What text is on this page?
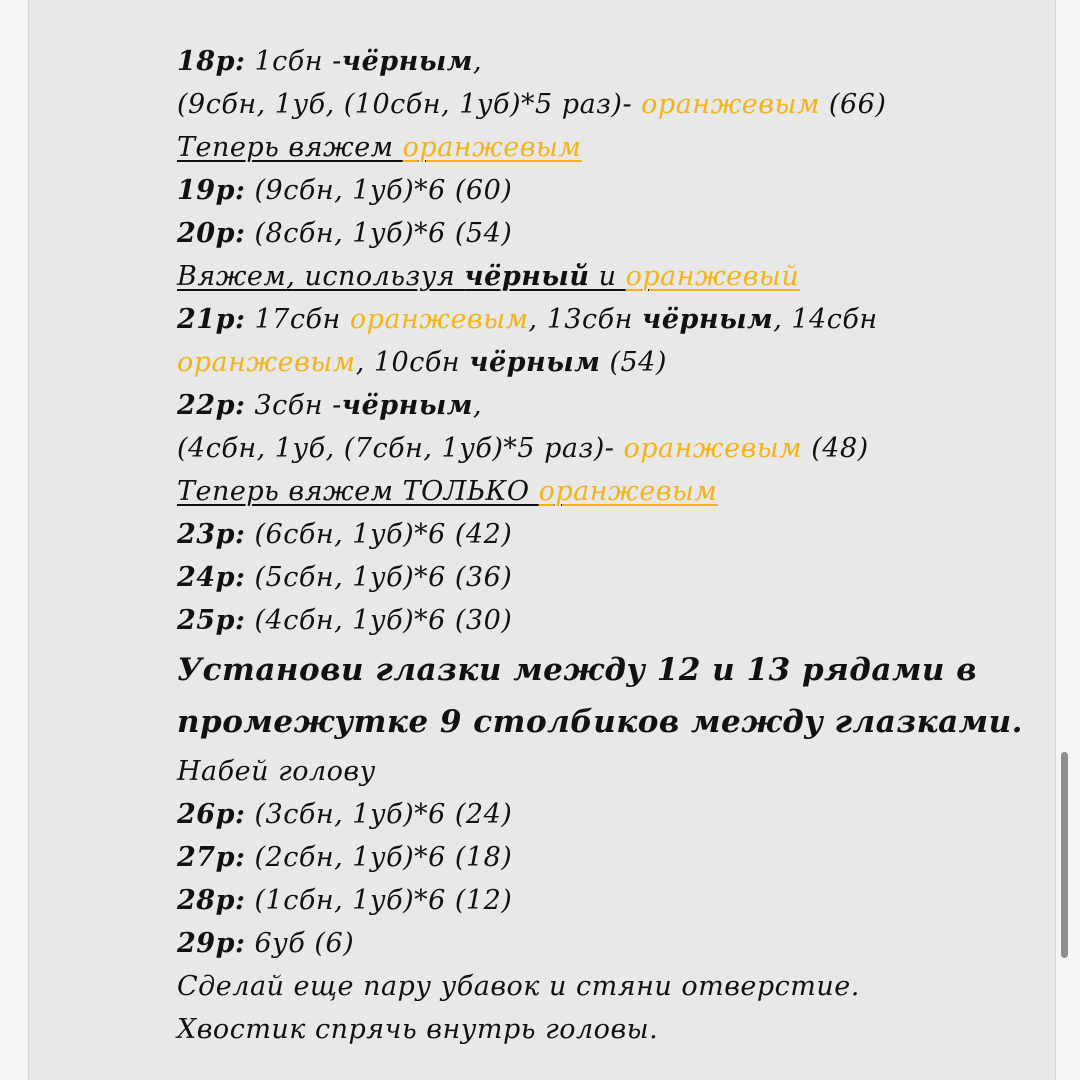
18р: 1сбн -чёрным,
(9сбн, 1уб, (10сбн, 1уб)*5 раз)- оранжевым (66)
Теперь вяжем оранжевым
19р: (9сбн, 1уб)*6 (60)
20р: (8сбн, 1уб)*6 (54)
Вяжем, используя чёрный и оранжевый
21р: 17сбн оранжевым, 13сбн чёрным, 14сбн
оранжевым, 10сбн чёрным (54)
22р: 3сбн -чёрным,
(4сбн, 1уб, (7сбн, 1уб)*5 раз)- оранжевым (48)
Теперь вяжем ТОЛЬКО оранжевым
23р: (6сбн, 1уб)*6 (42)
24р: (5сбн, 1уб)*6 (36)
25р: (4сбн, 1уб)*6 (30)
Установи глазки между 12 и 13 рядами в
промежутке 9 столбиков между глазками.
Набей голову
26р: (3сбн, 1уб)*6 (24)
27р: (2сбн, 1уб)*6 (18)
28р: (1сбн, 1уб)*6 (12)
29р: 6уб (6)
Сделай еще пару убавок и стяни отверстие.
Хвостик спрячь внутрь головы.
